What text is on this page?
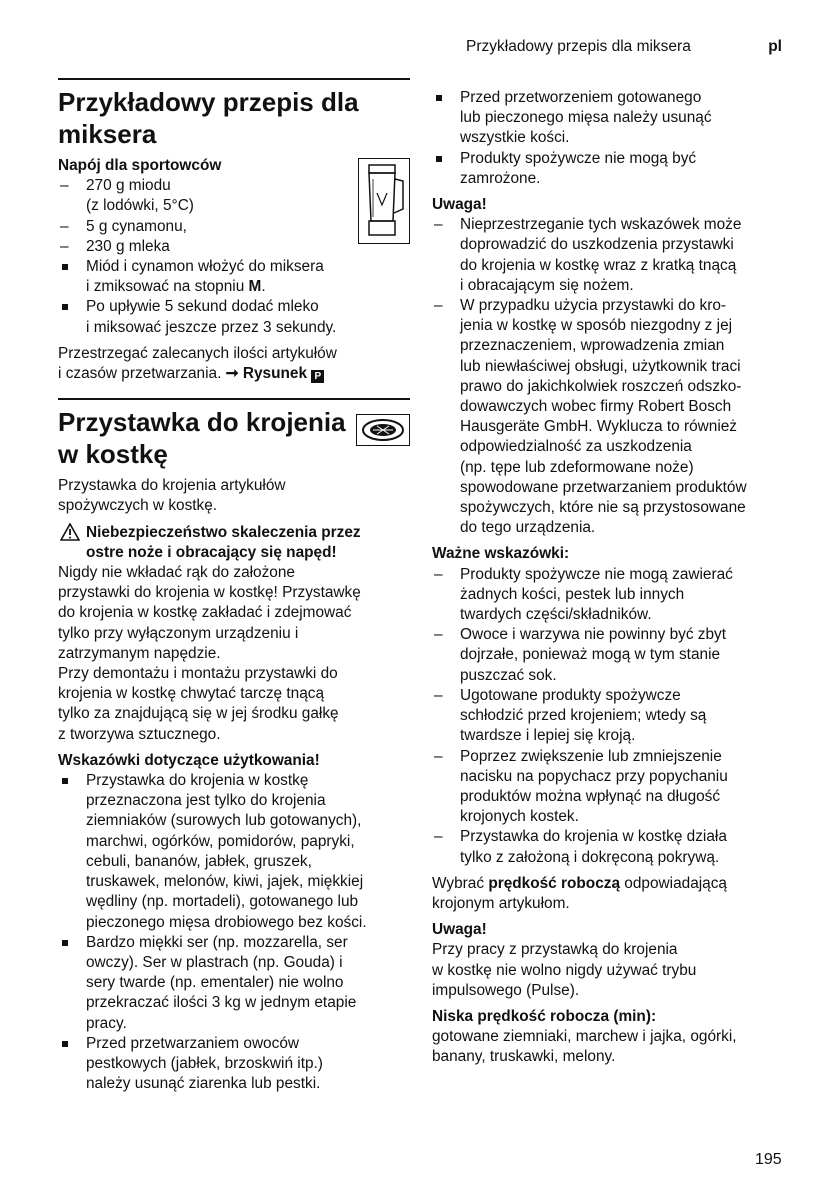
Przykładowy przepis dla miksera	pl
Przykładowy przepis dla
miksera

Napój dla sportowców

– 270 g miodu
(z lodówki, 5°C)
– 5 g cynamonu,
– 230 g mleka
Miód i cynamon włożyć do miksera
i zmiksować na stopniu M.
Po upływie 5 sekund dodać mleko
i miksować jeszcze przez 3 sekundy.

Przestrzegać zalecanych ilości artykułów
i czasów przetwarzania. ➞ Rysunek P

Przystawka do krojenia
w kostkę

Przystawka do krojenia artykułów
spożywczych w kostkę.

Niebezpieczeństwo skaleczenia przez
ostre noże i obracający się napęd!

Nigdy nie wkładać rąk do założone
przystawki do krojenia w kostkę! Przystawkę
do krojenia w kostkę zakładać i zdejmować
tylko przy wyłączonym urządzeniu i
zatrzymanym napędzie.
Przy demontażu i montażu przystawki do
krojenia w kostkę chwytać tarczę tnącą
tylko za znajdującą się w jej środku gałkę
z tworzywa sztucznego.

Wskazówki dotyczące użytkowania!

Przystawka do krojenia w kostkę
przeznaczona jest tylko do krojenia
ziemniaków (surowych lub gotowanych),
marchwi, ogórków, pomidorów, papryki,
cebuli, bananów, jabłek, gruszek,
truskawek, melonów, kiwi, jajek, miękkiej
wędliny (np. mortadeli), gotowanego lub
pieczonego mięsa drobiowego bez kości.
Bardzo miękki ser (np. mozzarella, ser
owczy). Ser w plastrach (np. Gouda) i
sery twarde (np. ementaler) nie wolno
przekraczać ilości 3 kg w jednym etapie
pracy.
Przed przetwarzaniem owoców
pestkowych (jabłek, brzoskwiń itp.)
należy usunąć ziarenka lub pestki.
Przed przetworzeniem gotowanego
lub pieczonego mięsa należy usunąć
wszystkie kości.
Produkty spożywcze nie mogą być
zamrożone.

Uwaga!

– Nieprzestrzeganie tych wskazówek może
doprowadzić do uszkodzenia przystawki
do krojenia w kostkę wraz z kratką tnącą
i obracającym się nożem.
– W przypadku użycia przystawki do kro-
jenia w kostkę w sposób niezgodny z jej
przeznaczeniem, wprowadzenia zmian
lub niewłaściwej obsługi, użytkownik traci
prawo do jakichkolwiek roszczeń odszko-
dowawczych wobec firmy Robert Bosch
Hausgeräte GmbH. Wyklucza to również
odpowiedzialność za uszkodzenia
(np. tępe lub zdeformowane noże)
spowodowane przetwarzaniem produktów
spożywczych, które nie są przystosowane
do tego urządzenia.

Ważne wskazówki:

– Produkty spożywcze nie mogą zawierać
żadnych kości, pestek lub innych
twardych części/składników.
– Owoce i warzywa nie powinny być zbyt
dojrzałe, ponieważ mogą w tym stanie
puszczać sok.
– Ugotowane produkty spożywcze
schłodzić przed krojeniem; wtedy są
twardsze i lepiej się kroją.
– Poprzez zwiększenie lub zmniejszenie
nacisku na popychacz przy popychaniu
produktów można wpłynąć na długość
krojonych kostek.
– Przystawka do krojenia w kostkę działa
tylko z założoną i dokręconą pokrywą.

Wybrać prędkość roboczą odpowiadającą
krojonym artykułom.

Uwaga!

Przy pracy z przystawką do krojenia
w kostkę nie wolno nigdy używać trybu
impulsowego (Pulse).

Niska prędkość robocza (min):

gotowane ziemniaki, marchew i jajka, ogórki,
banany, truskawki, melony.

195
